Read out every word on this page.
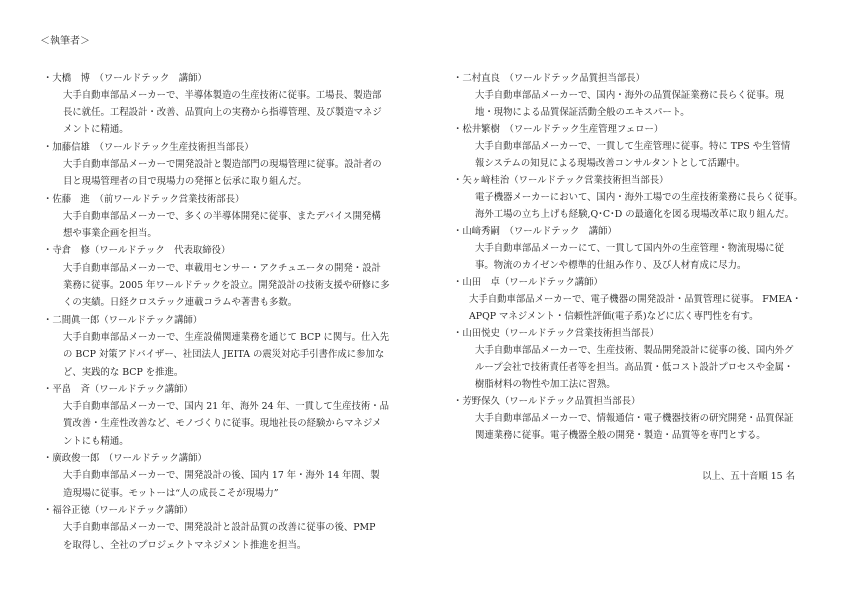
＜執筆者＞
・大橋　博　（ワールドテック　講師）
大手自動車部品メーカーで、半導体製造の生産技術に従事。工場長、製造部
長に就任。工程設計・改善、品質向上の実務から指導管理、及び製造マネジ
メントに精通。
・加藤信雄　（ワールドテック生産技術担当部長）
大手自動車部品メーカーで開発設計と製造部門の現場管理に従事。設計者の
目と現場管理者の目で現場力の発揮と伝承に取り組んだ。
・佐藤　進　（前ワールドテック営業技術部長）
大手自動車部品メーカーで、多くの半導体開発に従事、またデバイス開発構
想や事業企画を担当。
・寺倉　修（ワールドテック　代表取締役）
大手自動車部品メーカーで、車載用センサー・アクチュエータの開発・設計
業務に従事。2005 年ワールドテックを設立。開発設計の技術支援や研修に多
くの実績。日経クロステック連載コラムや著書も多数。
・二間眞一郎（ワールドテック講師）
大手自動車部品メーカーで、生産設備関連業務を通じて BCP に関与。仕入先
の BCP 対策アドバイザー、社団法人 JEITA の震災対応手引書作成に参加な
ど、実践的な BCP を推進。
・平畠　斉（ワールドテック講師）
大手自動車部品メーカーで、国内 21 年、海外 24 年、一貫して生産技術・品
質改善・生産性改善など、モノづくりに従事。現地社長の経験からマネジメ
ントにも精通。
・廣政俊一郎　（ワールドテック講師）
大手自動車部品メーカーで、開発設計の後、国内 17 年・海外 14 年間、製
造現場に従事。モットーは“人の成長こそが現場力”
・福谷正徳（ワールドテック講師）
大手自動車部品メーカーで、開発設計と設計品質の改善に従事の後、PMP
を取得し、全社のプロジェクトマネジメント推進を担当。
・二村直良　（ワールドテック品質担当部長）
大手自動車部品メーカーで、国内・海外の品質保証業務に長らく従事。現
地・現物による品質保証活動全般のエキスパート。
・松井繁樹　（ワールドテック生産管理フェロー）
大手自動車部品メーカーで、一貫して生産管理に従事。特に TPS や生管情
報システムの知見による現場改善コンサルタントとして活躍中。
・矢ヶ﨑桂治（ワールドテック営業技術担当部長）
電子機器メーカーにおいて、国内・海外工場での生産技術業務に長らく従事。
海外工場の立ち上げも経験,Q･C･D の最適化を図る現場改革に取り組んだ。
・山﨑秀嗣　（ワールドテック　講師）
大手自動車部品メーカーにて、一貫して国内外の生産管理・物流現場に従
事。物流のカイゼンや標準的仕組み作り、及び人材育成に尽力。
・山田　卓（ワールドテック講師）
大手自動車部品メーカーで、電子機器の開発設計・品質管理に従事。 FMEA・
APQP マネジメント・信頼性評価(電子系)などに広く専門性を有す。
・山田悦史（ワールドテック営業技術担当部長）
大手自動車部品メーカーで、生産技術、製品開発設計に従事の後、国内外グ
ループ会社で技術責任者等を担当。高品質・低コスト設計プロセスや金属・
樹脂材料の物性や加工法に習熟。
・芳野保久（ワールドテック品質担当部長）
大手自動車部品メーカーで、情報通信・電子機器技術の研究開発・品質保証
関連業務に従事。電子機器全般の開発・製造・品質等を専門とする。
以上、五十音順 15 名
